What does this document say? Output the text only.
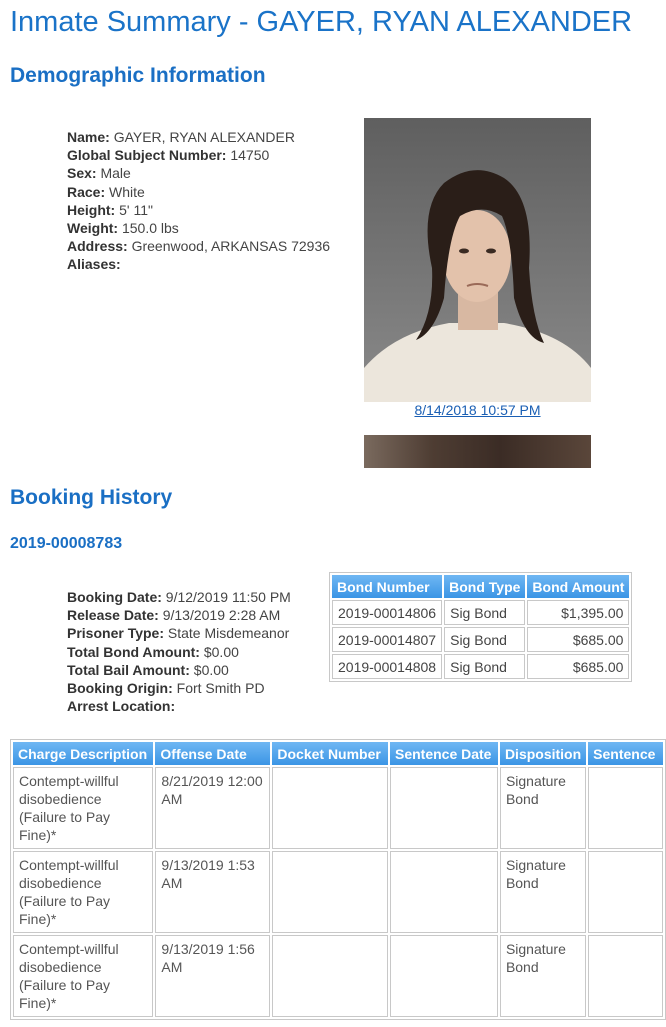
Inmate Summary - GAYER, RYAN ALEXANDER
Demographic Information
Name: GAYER, RYAN ALEXANDER
Global Subject Number: 14750
Sex: Male
Race: White
Height: 5' 11"
Weight: 150.0 lbs
Address: Greenwood, ARKANSAS 72936
Aliases:
8/14/2018 10:57 PM
Booking History
2019-00008783
Booking Date: 9/12/2019 11:50 PM
Release Date: 9/13/2019 2:28 AM
Prisoner Type: State Misdemeanor
Total Bond Amount: $0.00
Total Bail Amount: $0.00
Booking Origin: Fort Smith PD
Arrest Location:
Bond Number	Bond Type	Bond Amount
2019-00014806	Sig Bond	$1,395.00
2019-00014807	Sig Bond	$685.00
2019-00014808	Sig Bond	$685.00
Charge Description	Offense Date	Docket Number	Sentence Date	Disposition	Sentence
Contempt-willful disobedience (Failure to Pay Fine)*	8/21/2019 12:00 AM			Signature Bond	
Contempt-willful disobedience (Failure to Pay Fine)*	9/13/2019 1:53 AM			Signature Bond	
Contempt-willful disobedience (Failure to Pay Fine)*	9/13/2019 1:56 AM			Signature Bond	
